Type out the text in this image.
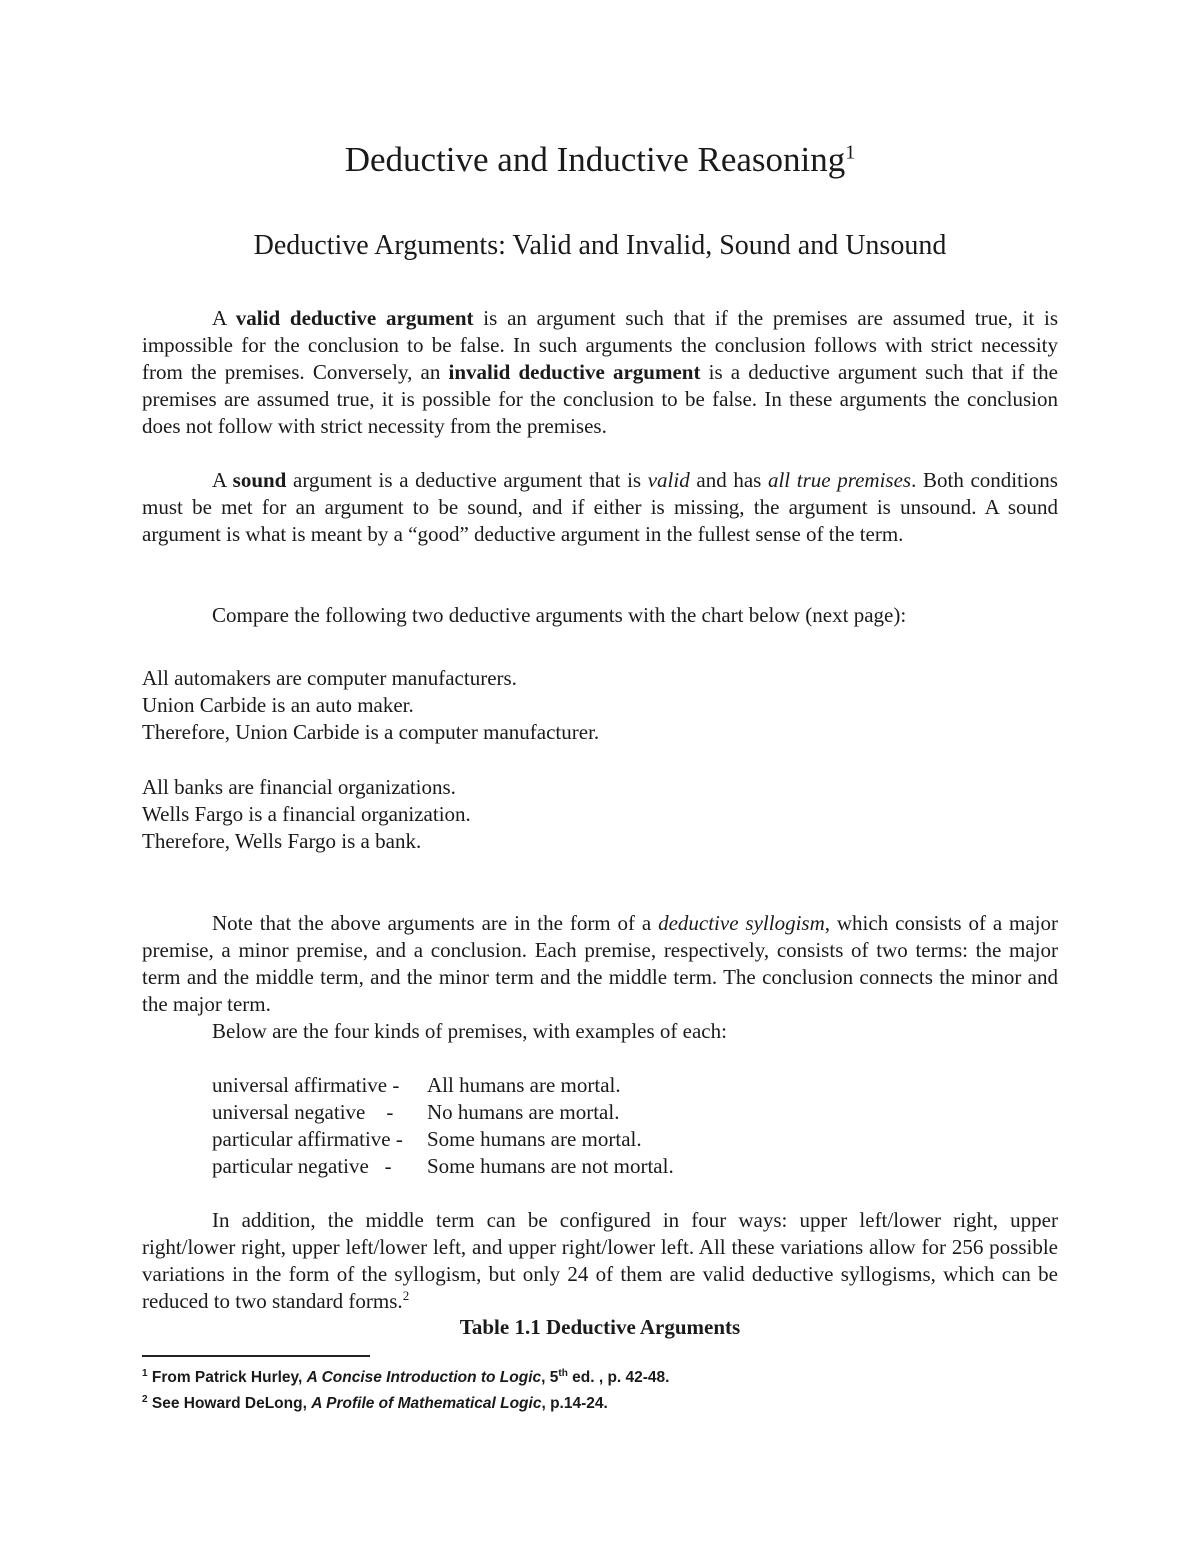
Deductive and Inductive Reasoning$^1$
Deductive Arguments: Valid and Invalid, Sound and Unsound

A valid deductive argument is an argument such that if the premises are assumed true, it is impossible for the conclusion to be false. In such arguments the conclusion follows with strict necessity from the premises. Conversely, an invalid deductive argument is a deductive argument such that if the premises are assumed true, it is possible for the conclusion to be false. In these arguments the conclusion does not follow with strict necessity from the premises.

A sound argument is a deductive argument that is valid and has all true premises. Both conditions must be met for an argument to be sound, and if either is missing, the argument is unsound. A sound argument is what is meant by a “good” deductive argument in the fullest sense of the term.

Compare the following two deductive arguments with the chart below (next page):

All automakers are computer manufacturers.

Union Carbide is an auto maker.

Therefore, Union Carbide is a computer manufacturer.

All banks are financial organizations.

Wells Fargo is a financial organization.

Therefore, Wells Fargo is a bank.

Note that the above arguments are in the form of a deductive syllogism, which consists of a major premise, a minor premise, and a conclusion. Each premise, respectively, consists of two terms: the major term and the middle term, and the minor term and the middle term. The conclusion connects the minor and the major term.

Below are the four kinds of premises, with examples of each:

universal affirmative -	All humans are mortal.
universal negative    -	No humans are mortal.
particular affirmative -	Some humans are mortal.
particular negative   -	Some humans are not mortal.

In addition, the middle term can be configured in four ways: upper left/lower right, upper right/lower right, upper left/lower left, and upper right/lower left. All these variations allow for 256 possible variations in the form of the syllogism, but only 24 of them are valid deductive syllogisms, which can be reduced to two standard forms.$^2$

Table 1.1 Deductive Arguments
$^1$ From Patrick Hurley, A Concise Introduction to Logic, 5th ed. , p. 42-48.
$^2$ See Howard DeLong, A Profile of Mathematical Logic, p.14-24.
